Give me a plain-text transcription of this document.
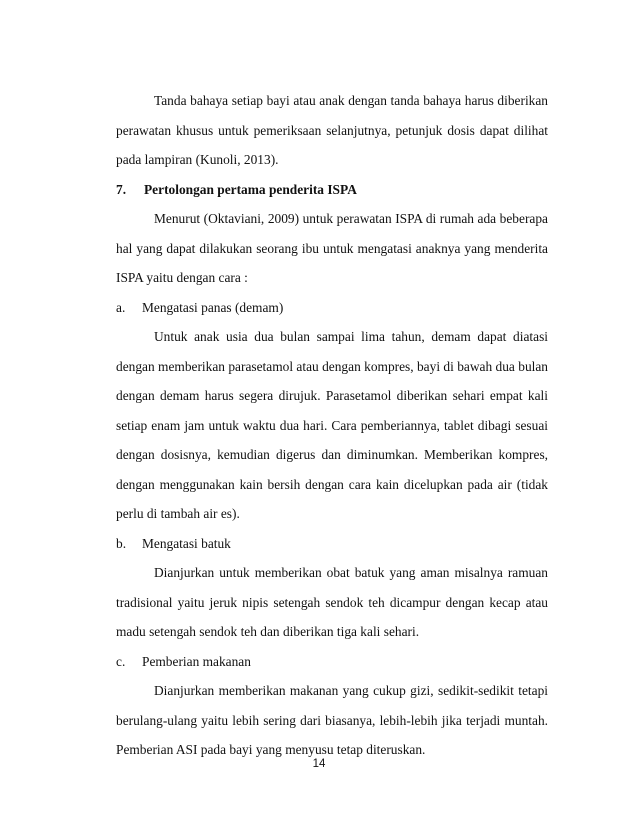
Tanda bahaya setiap bayi atau anak dengan tanda bahaya harus diberikan perawatan khusus untuk pemeriksaan selanjutnya, petunjuk dosis dapat dilihat pada lampiran (Kunoli, 2013).

7. Pertolongan pertama penderita ISPA

Menurut (Oktaviani, 2009) untuk perawatan ISPA di rumah ada beberapa hal yang dapat dilakukan seorang ibu untuk mengatasi anaknya yang menderita ISPA yaitu dengan cara :

a. Mengatasi panas (demam)

Untuk anak usia dua bulan sampai lima tahun, demam dapat diatasi dengan memberikan parasetamol atau dengan kompres, bayi di bawah dua bulan dengan demam harus segera dirujuk. Parasetamol diberikan sehari empat kali setiap enam jam untuk waktu dua hari. Cara pemberiannya, tablet dibagi sesuai dengan dosisnya, kemudian digerus dan diminumkan. Memberikan kompres, dengan menggunakan kain bersih dengan cara kain dicelupkan pada air (tidak perlu di tambah air es).

b. Mengatasi batuk

Dianjurkan untuk memberikan obat batuk yang aman misalnya ramuan tradisional yaitu jeruk nipis setengah sendok teh dicampur dengan kecap atau madu setengah sendok teh dan diberikan tiga kali sehari.

c. Pemberian makanan

Dianjurkan memberikan makanan yang cukup gizi, sedikit-sedikit tetapi berulang-ulang yaitu lebih sering dari biasanya, lebih-lebih jika terjadi muntah. Pemberian ASI pada bayi yang menyusu tetap diteruskan.

14
